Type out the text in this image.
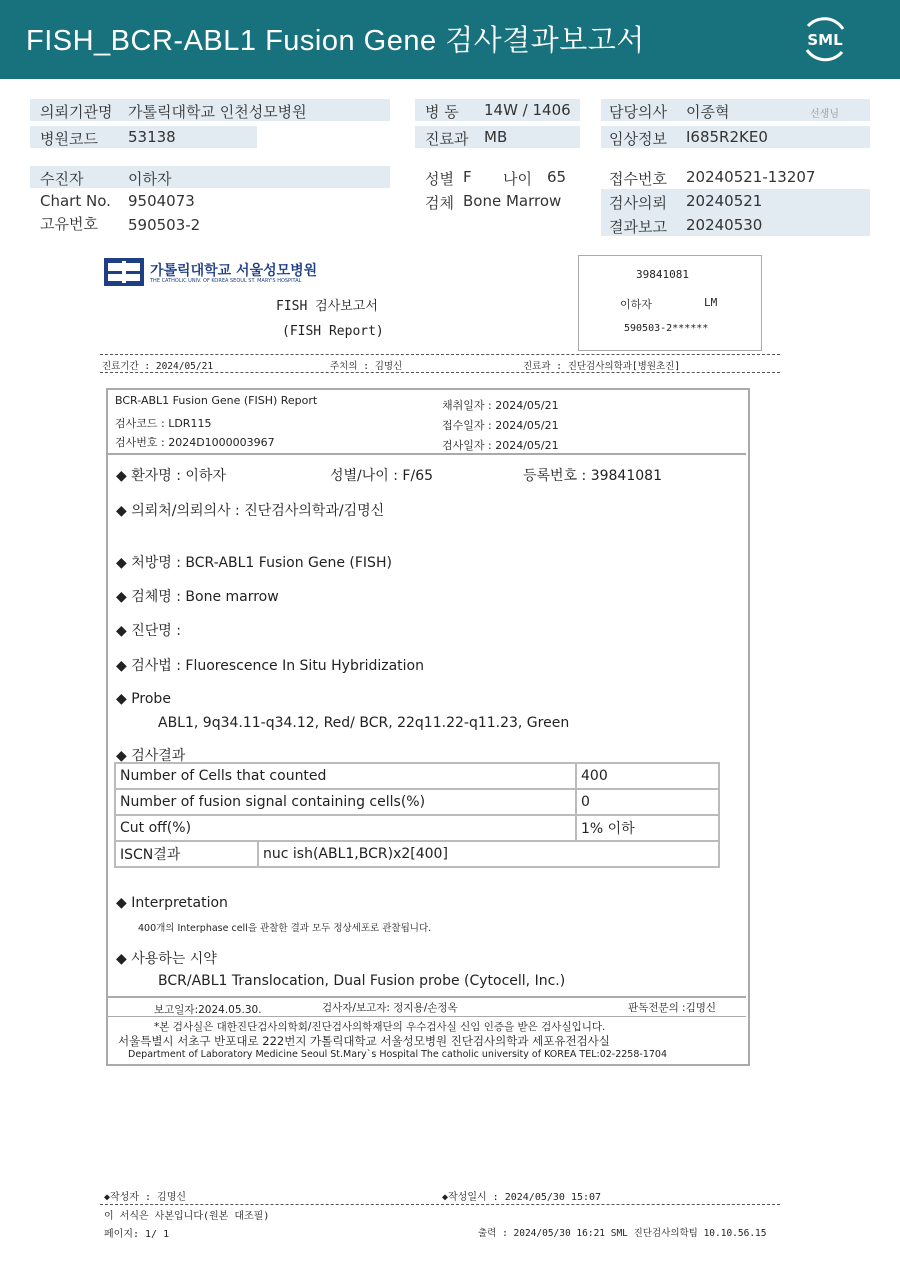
FISH_BCR-ABL1 Fusion Gene 검사결과보고서	SML
의뢰기관명 가톨릭대학교 인천성모병원	병 동 14W / 1406	담당의사 이종혁	선생님
병원코드 53138	진료과 MB	임상정보 I685R2KE0
수진자	이하자	성별 F 나이 65	접수번호 20240521-13207
Chart No. 9504073	검체 Bone Marrow	검사의뢰 20240521
고유번호 590503-2	결과보고 20240530
가톨릭대학교 서울성모병원
THE CATHOLIC UNIV. OF KOREA SEOUL ST. MARY'S HOSPITAL
FISH 검사보고서
(FISH Report)
39841081
이하자	LM
590503-2******
진료기간 : 2024/05/21	주치의 : 김명신	진료과 : 진단검사의학과[병원초진]
BCR-ABL1 Fusion Gene (FISH) Report
검사코드 : LDR115
검사번호 : 2024D1000003967
채취일자 : 2024/05/21
접수일자 : 2024/05/21
검사일자 : 2024/05/21
◆ 환자명 : 이하자	성별/나이 : F/65	등록번호 : 39841081
◆ 의뢰처/의뢰의사 : 진단검사의학과/김명신
◆ 처방명 : BCR-ABL1 Fusion Gene (FISH)
◆ 검체명 : Bone marrow
◆ 진단명 :
◆ 검사법 : Fluorescence In Situ Hybridization
◆ Probe
ABL1, 9q34.11-q34.12, Red/ BCR, 22q11.22-q11.23, Green
◆ 검사결과
Number of Cells that counted		400
Number of fusion signal containing cells(%)		0
Cut off(%)		1% 이하
ISCN결과	nuc ish(ABL1,BCR)x2[400]	
◆ Interpretation
400개의 Interphase cell을 관찰한 결과 모두 정상세포로 관찰됩니다.
◆ 사용하는 시약
BCR/ABL1 Translocation, Dual Fusion probe (Cytocell, Inc.)
보고일자:2024.05.30.	검사자/보고자: 정지용/손정옥	판독전문의 :김명신
*본 검사실은 대한진단검사의학회/진단검사의학재단의 우수검사실 신임 인증을 받은 검사실입니다.
서울특별시 서초구 반포대로 222번지 가톨릭대학교 서울성모병원 진단검사의학과 세포유전검사실
Department of Laboratory Medicine Seoul St.Mary`s Hospital The catholic university of KOREA TEL:02-2258-1704
◆작성자 : 김명신	◆작성일시 : 2024/05/30 15:07
이 서식은 사본입니다(원본 대조필)
페이지: 1/ 1	출력 : 2024/05/30 16:21 SML 진단검사의학팀 10.10.56.15
